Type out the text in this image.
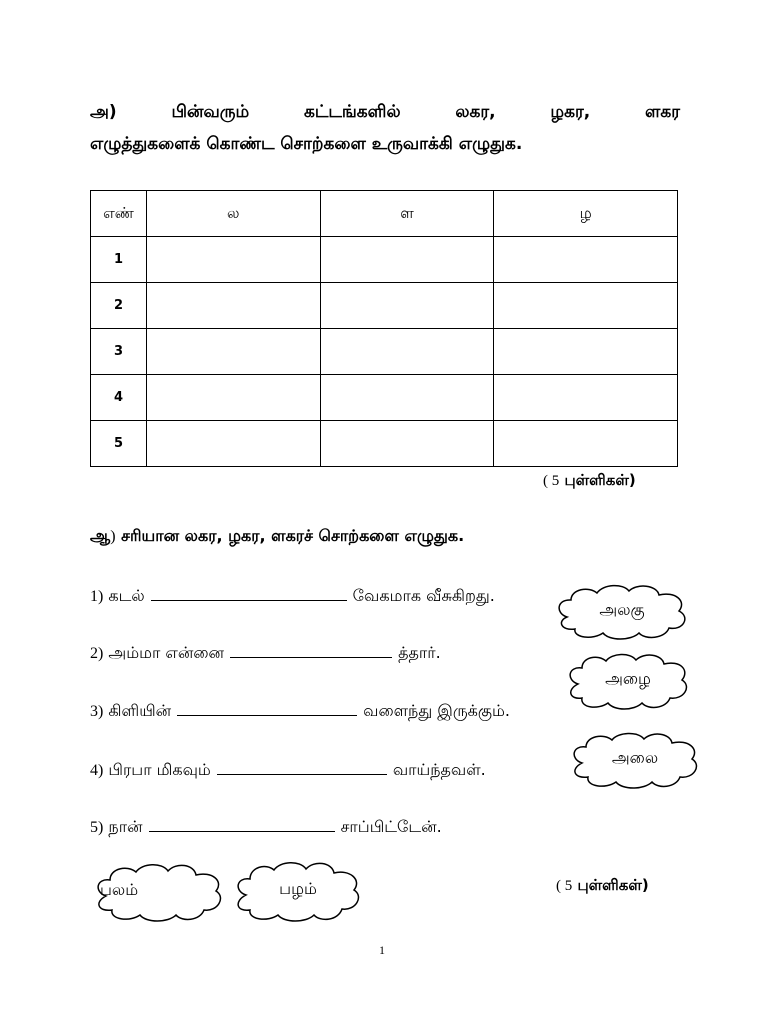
அ)	பின்வரும்	கட்டங்களில்	லகர,	ழகர,	ளகர
எழுத்துகளைக் கொண்ட சொற்களை உருவாக்கி எழுதுக.
எண்	ல	ள	ழ
1			
2			
3			
4			
5			
( 5 புள்ளிகள்)
ஆ) சரியான லகர, ழகர, ளகரச் சொற்களை எழுதுக.
1) கடல்	வேகமாக வீசுகிறது.
2) அம்மா என்னை	த்தார்.
3) கிளியின்	வளைந்து இருக்கும்.
4) பிரபா மிகவும்	வாய்ந்தவள்.
5) நான்	சாப்பிட்டேன்.
அலகு
அழை
அலை
பலம்	பழம்	( 5 புள்ளிகள்)
1
